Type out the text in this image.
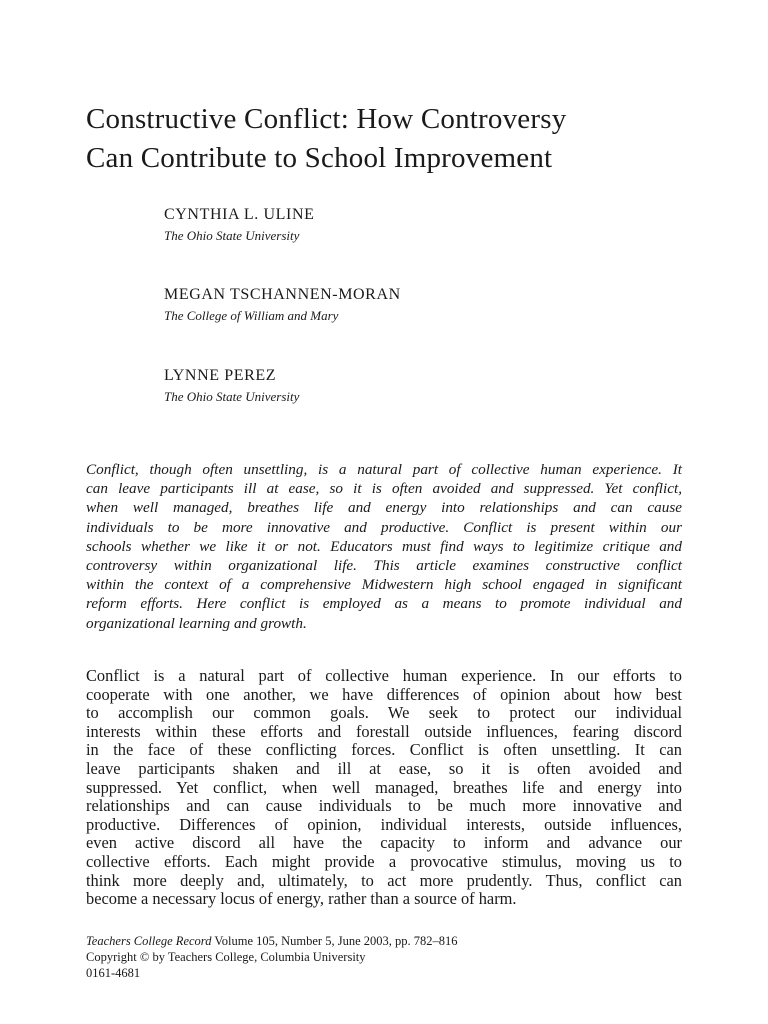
Constructive Conflict: How Controversy
Can Contribute to School Improvement
CYNTHIA L. ULINE
The Ohio State University
MEGAN TSCHANNEN-MORAN
The College of William and Mary
LYNNE PEREZ
The Ohio State University
Conflict, though often unsettling, is a natural part of collective human experience. It
can leave participants ill at ease, so it is often avoided and suppressed. Yet conflict,
when well managed, breathes life and energy into relationships and can cause
individuals to be more innovative and productive. Conflict is present within our
schools whether we like it or not. Educators must find ways to legitimize critique and
controversy within organizational life. This article examines constructive conflict
within the context of a comprehensive Midwestern high school engaged in significant
reform efforts. Here conflict is employed as a means to promote individual and
organizational learning and growth.
Conflict is a natural part of collective human experience. In our efforts to
cooperate with one another, we have differences of opinion about how best
to accomplish our common goals. We seek to protect our individual
interests within these efforts and forestall outside influences, fearing discord
in the face of these conflicting forces. Conflict is often unsettling. It can
leave participants shaken and ill at ease, so it is often avoided and
suppressed. Yet conflict, when well managed, breathes life and energy into
relationships and can cause individuals to be much more innovative and
productive. Differences of opinion, individual interests, outside influences,
even active discord all have the capacity to inform and advance our
collective efforts. Each might provide a provocative stimulus, moving us to
think more deeply and, ultimately, to act more prudently. Thus, conflict can
become a necessary locus of energy, rather than a source of harm.
Teachers College Record Volume 105, Number 5, June 2003, pp. 782–816
Copyright © by Teachers College, Columbia University
0161-4681
